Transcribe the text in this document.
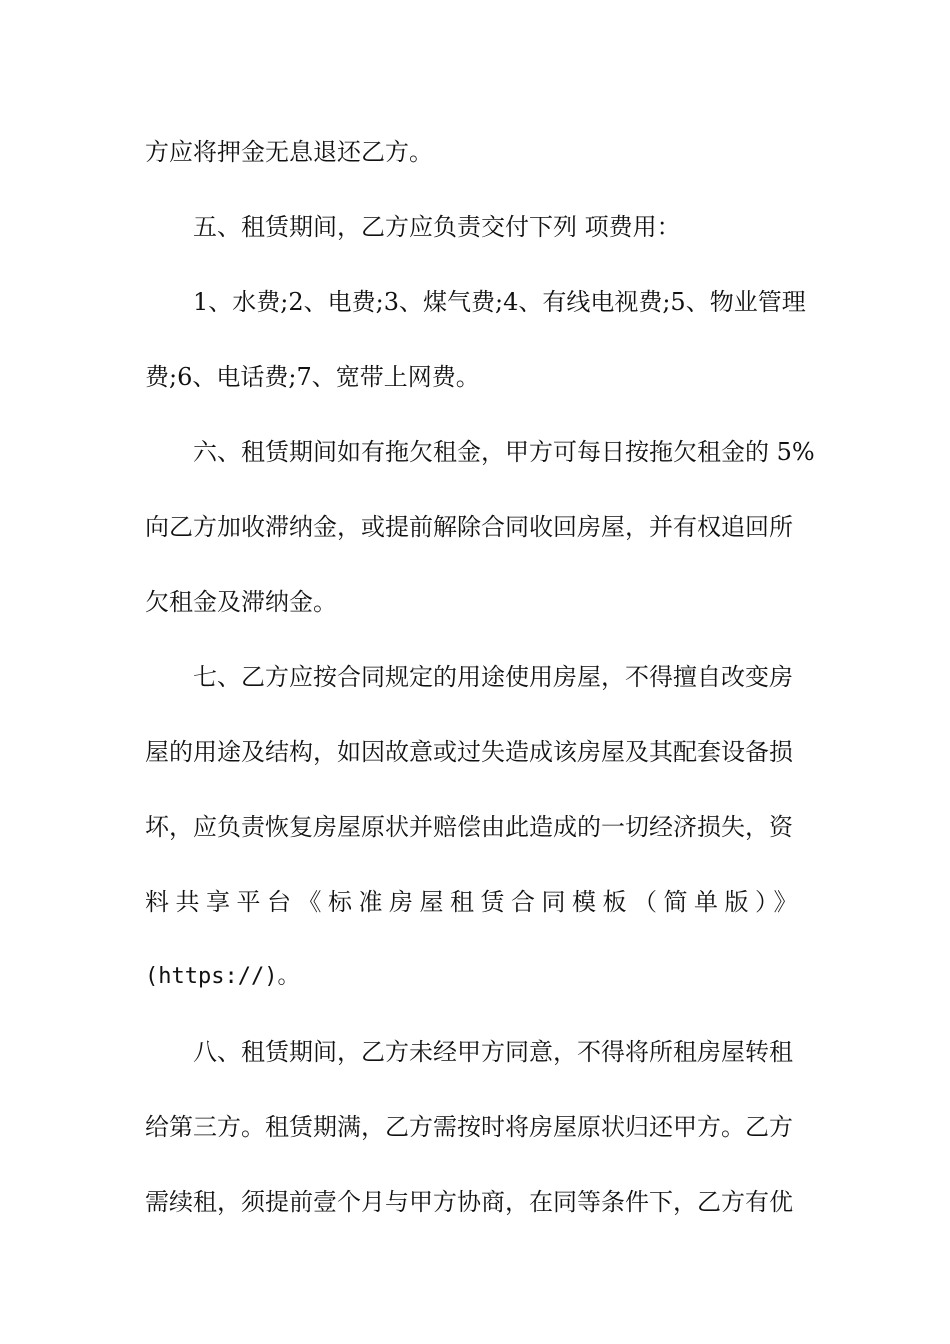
方应将押金无息退还乙方。
五、租赁期间，乙方应负责交付下列 项费用：
1、水费;2、电费;3、煤气费;4、有线电视费;5、物业管理
费;6、电话费;7、宽带上网费。
六、租赁期间如有拖欠租金，甲方可每日按拖欠租金的 5%
向乙方加收滞纳金，或提前解除合同收回房屋，并有权追回所
欠租金及滞纳金。
七、乙方应按合同规定的用途使用房屋，不得擅自改变房
屋的用途及结构，如因故意或过失造成该房屋及其配套设备损
坏，应负责恢复房屋原状并赔偿由此造成的一切经济损失，资
料共享平台《标准房屋租赁合同模板（简单版）》
(https://)。
八、租赁期间，乙方未经甲方同意，不得将所租房屋转租
给第三方。租赁期满，乙方需按时将房屋原状归还甲方。乙方
需续租，须提前壹个月与甲方协商，在同等条件下，乙方有优
